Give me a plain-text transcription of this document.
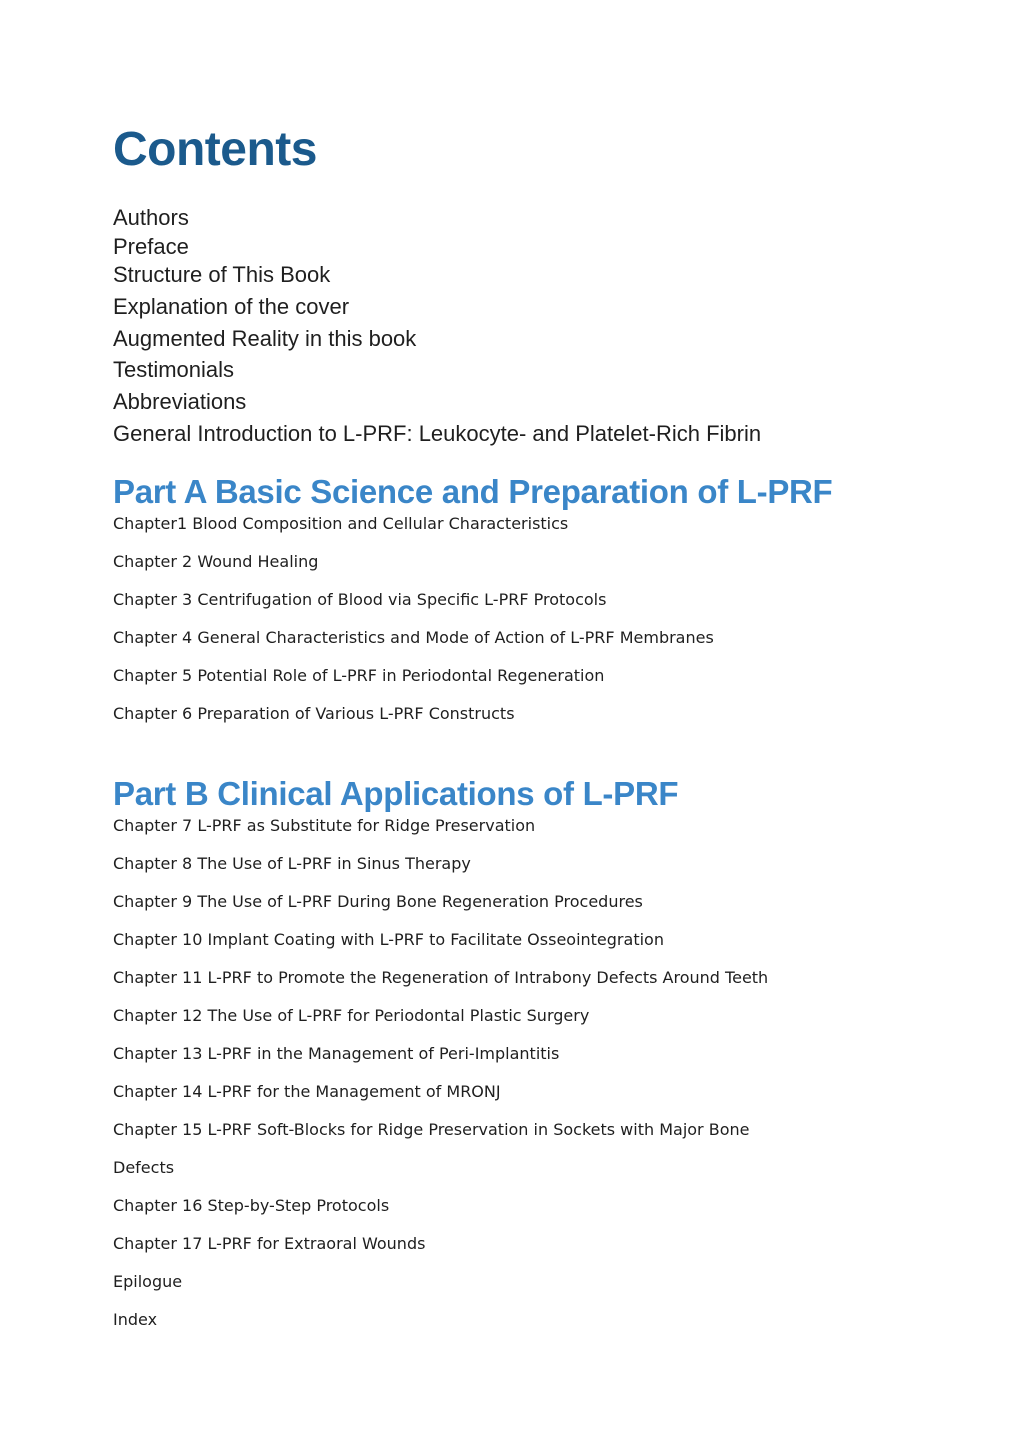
Contents
Authors
Preface
Structure of This Book
Explanation of the cover
Augmented Reality in this book
Testimonials
Abbreviations
General Introduction to L-PRF: Leukocyte- and Platelet-Rich Fibrin
Part A Basic Science and Preparation of L-PRF
Chapter1 Blood Composition and Cellular Characteristics
Chapter 2 Wound Healing
Chapter 3 Centrifugation of Blood via Specific L-PRF Protocols
Chapter 4 General Characteristics and Mode of Action of L-PRF Membranes
Chapter 5 Potential Role of L-PRF in Periodontal Regeneration
Chapter 6 Preparation of Various L-PRF Constructs
Part B Clinical Applications of L-PRF
Chapter 7 L-PRF as Substitute for Ridge Preservation
Chapter 8 The Use of L-PRF in Sinus Therapy
Chapter 9 The Use of L-PRF During Bone Regeneration Procedures
Chapter 10 Implant Coating with L-PRF to Facilitate Osseointegration
Chapter 11 L-PRF to Promote the Regeneration of Intrabony Defects Around Teeth
Chapter 12 The Use of L-PRF for Periodontal Plastic Surgery
Chapter 13 L-PRF in the Management of Peri-Implantitis
Chapter 14 L-PRF for the Management of MRONJ
Chapter 15 L-PRF Soft-Blocks for Ridge Preservation in Sockets with Major Bone
Defects
Chapter 16 Step-by-Step Protocols
Chapter 17 L-PRF for Extraoral Wounds
Epilogue
Index
